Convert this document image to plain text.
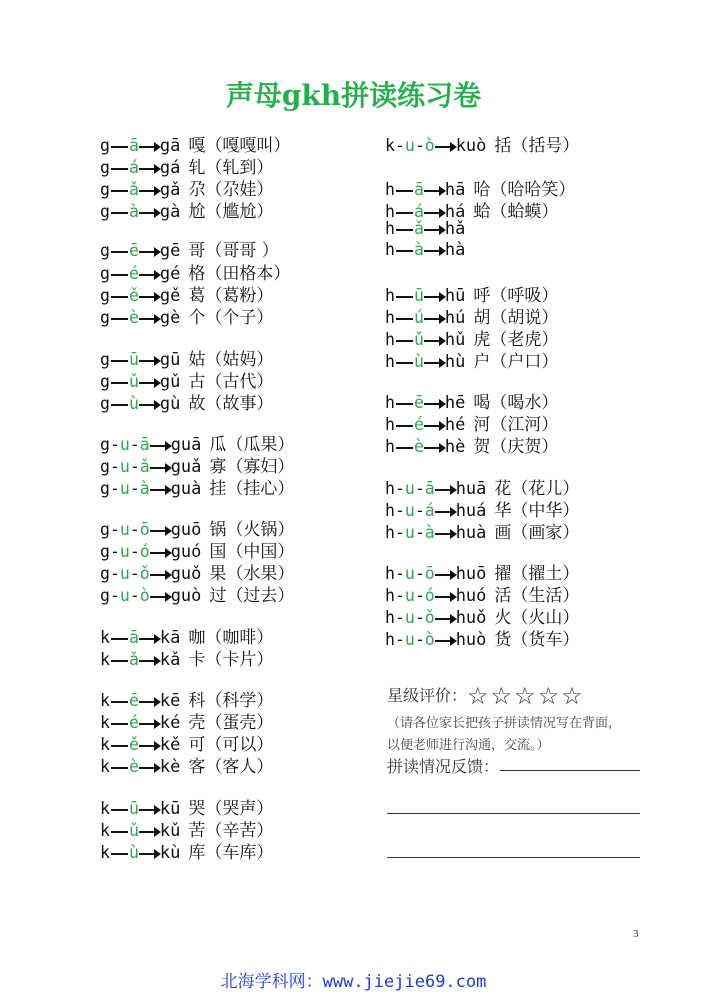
声母gkh拼读练习卷
g ā gā 嘎（嘎嘎叫）
g á gá 轧（轧到）
g ǎ gǎ 尕（尕娃）
g à gà 尬（尴尬）
g ē gē 哥（哥哥 ）
g é gé 格（田格本）
g ě gě 葛（葛粉）
g è gè 个（个子）
g ū gū 姑（姑妈）
g ǔ gǔ 古（古代）
g ù gù 故（故事）
g-u-ā guā 瓜（瓜果）
g-u-ǎ guǎ 寡（寡妇）
g-u-à guà 挂（挂心）
g-u-ō guō 锅（火锅）
g-u-ó guó 国（中国）
g-u-ǒ guǒ 果（水果）
g-u-ò guò 过（过去）
k ā kā 咖（咖啡）
k ǎ kǎ 卡（卡片）
k ē kē 科（科学）
k é ké 壳（蛋壳）
k ě kě 可（可以）
k è kè 客（客人）
k ū kū 哭（哭声）
k ǔ kǔ 苦（辛苦）
k ù kù 库（车库）
k-u-ò kuò 括（括号）
h ā hā 哈（哈哈笑）
h á há 蛤（蛤蟆）
h ǎ hǎ
h à hà
h ū hū 呼（呼吸）
h ú hú 胡（胡说）
h ǔ hǔ 虎（老虎）
h ù hù 户（户口）
h ē hē 喝（喝水）
h é hé 河（江河）
h è hè 贺（庆贺）
h-u-ā huā 花（花儿）
h-u-á huá 华（中华）
h-u-à huà 画（画家）
h-u-ō huō 擢（擢土）
h-u-ó huó 活（生活）
h-u-ǒ huǒ 火（火山）
h-u-ò huò 货（货车）
星级评价：☆☆☆☆☆
（请各位家长把孩子拼读情况写在背面，
以便老师进行沟通，交流。）
拼读情况反馈：
3
北海学科网：www.jiejie69.com
